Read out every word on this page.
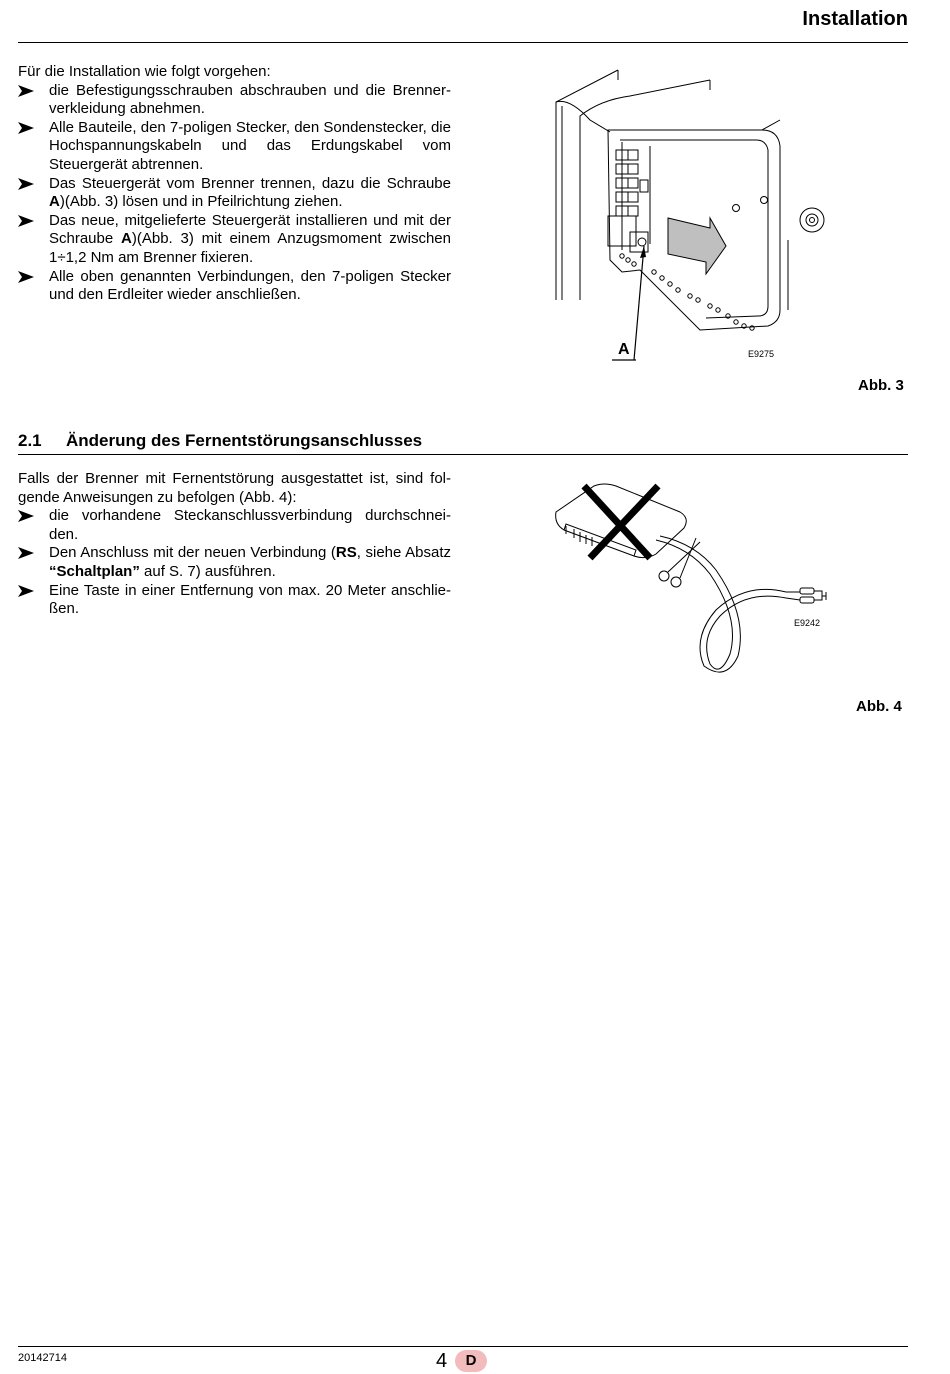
Installation

Für die Installation wie folgt vorgehen:

die Befestigungsschrauben abschrauben und die Brenner-verkleidung abnehmen.
Alle Bauteile, den 7-poligen Stecker, den Sondenstecker, die Hochspannungskabeln und das Erdungskabel vom Steuergerät abtrennen.
Das Steuergerät vom Brenner trennen, dazu die Schraube A)(Abb. 3) lösen und in Pfeilrichtung ziehen.
Das neue, mitgelieferte Steuergerät installieren und mit der Schraube A)(Abb. 3) mit einem Anzugsmoment zwischen 1÷1,2 Nm am Brenner fixieren.
Alle oben genannten Verbindungen, den 7-poligen Stecker und den Erdleiter wieder anschließen.
A	E9275
Abb. 3
2.1 Änderung des Fernentstörungsanschlusses

Falls der Brenner mit Fernentstörung ausgestattet ist, sind fol-gende Anweisungen zu befolgen (Abb. 4):

die vorhandene Steckanschlussverbindung durchschnei-den.
Den Anschluss mit der neuen Verbindung (RS, siehe Absatz “Schaltplan” auf S. 7) ausführen.
Eine Taste in einer Entfernung von max. 20 Meter anschlie-ßen.
E9242
Abb. 4
20142714	4	D
